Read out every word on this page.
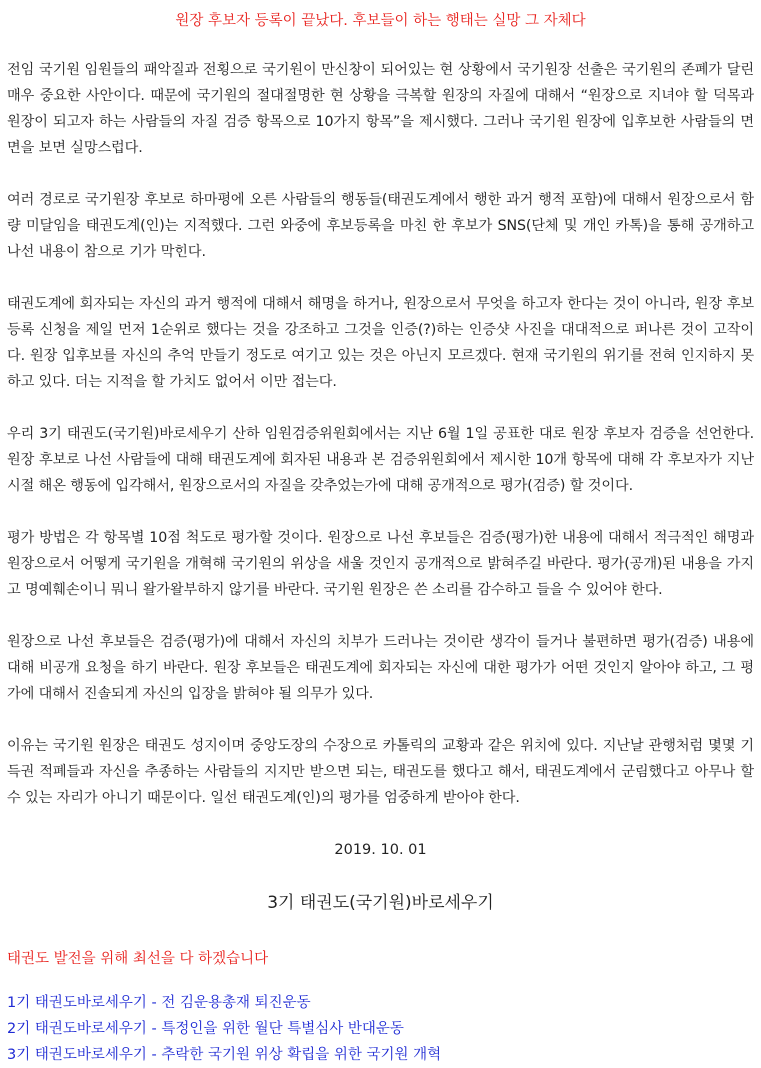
원장 후보자 등록이 끝났다. 후보들이 하는 행태는 실망 그 자체다

전임 국기원 임원들의 패악질과 전횡으로 국기원이 만신창이 되어있는 현 상황에서 국기원장 선출은 국기원의 존폐가 달린 매우 중요한 사안이다. 때문에 국기원의 절대절명한 현 상황을 극복할 원장의 자질에 대해서 “원장으로 지녀야 할 덕목과 원장이 되고자 하는 사람들의 자질 검증 항목으로 10가지 항목”을 제시했다. 그러나 국기원 원장에 입후보한 사람들의 면면을 보면 실망스럽다.

여러 경로로 국기원장 후보로 하마평에 오른 사람들의 행동들(태권도계에서 행한 과거 행적 포함)에 대해서 원장으로서 함량 미달임을 태권도계(인)는 지적했다. 그런 와중에 후보등록을 마친 한 후보가 SNS(단체 및 개인 카톡)을 통해 공개하고 나선 내용이 참으로 기가 막힌다.

태권도계에 회자되는 자신의 과거 행적에 대해서 해명을 하거나, 원장으로서 무엇을 하고자 한다는 것이 아니라, 원장 후보등록 신청을 제일 먼저 1순위로 했다는 것을 강조하고 그것을 인증(?)하는 인증샷 사진을 대대적으로 퍼나른 것이 고작이다. 원장 입후보를 자신의 추억 만들기 정도로 여기고 있는 것은 아닌지 모르겠다. 현재 국기원의 위기를 전혀 인지하지 못하고 있다. 더는 지적을 할 가치도 없어서 이만 접는다.

우리 3기 태권도(국기원)바로세우기 산하 임원검증위원회에서는 지난 6월 1일 공표한 대로 원장 후보자 검증을 선언한다. 원장 후보로 나선 사람들에 대해 태권도계에 회자된 내용과 본 검증위원회에서 제시한 10개 항목에 대해 각 후보자가 지난 시절 해온 행동에 입각해서, 원장으로서의 자질을 갖추었는가에 대해 공개적으로 평가(검증) 할 것이다.

평가 방법은 각 항목별 10점 척도로 평가할 것이다. 원장으로 나선 후보들은 검증(평가)한 내용에 대해서 적극적인 해명과 원장으로서 어떻게 국기원을 개혁해 국기원의 위상을 새울 것인지 공개적으로 밝혀주길 바란다. 평가(공개)된 내용을 가지고 명예훼손이니 뭐니 왈가왈부하지 않기를 바란다. 국기원 원장은 쓴 소리를 감수하고 들을 수 있어야 한다.

원장으로 나선 후보들은 검증(평가)에 대해서 자신의 치부가 드러나는 것이란 생각이 들거나 불편하면 평가(검증) 내용에 대해 비공개 요청을 하기 바란다. 원장 후보들은 태권도계에 회자되는 자신에 대한 평가가 어떤 것인지 알아야 하고, 그 평가에 대해서 진솔되게 자신의 입장을 밝혀야 될 의무가 있다.

이유는 국기원 원장은 태권도 성지이며 중앙도장의 수장으로 카톨릭의 교황과 같은 위치에 있다. 지난날 관행처럼 몇몇 기득권 적폐들과 자신을 추종하는 사람들의 지지만 받으면 되는, 태권도를 했다고 해서, 태권도계에서 군림했다고 아무나 할 수 있는 자리가 아니기 때문이다. 일선 태권도계(인)의 평가를 엄중하게 받아야 한다.

2019. 10. 01
3기 태권도(국기원)바로세우기
태권도 발전을 위해 최선을 다 하겠습니다
1기 태권도바로세우기 - 전 김운용총재 퇴진운동
2기 태권도바로세우기 - 특정인을 위한 월단 특별심사 반대운동
3기 태권도바로세우기 - 추락한 국기원 위상 확립을 위한 국기원 개혁
